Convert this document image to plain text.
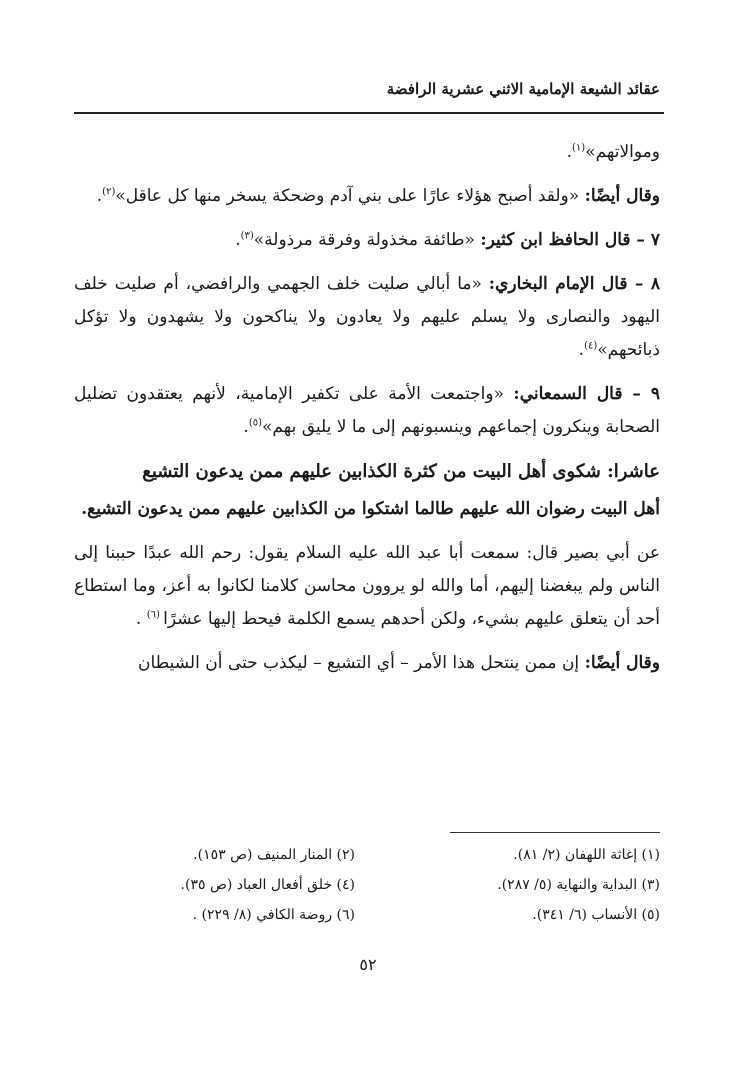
عقائد الشيعة الإمامية الاثني عشرية الرافضة

وموالاتهم»$^{(١)}$.

وقال أيضًا: «ولقد أصبح هؤلاء عارًا على بني آدم وضحكة يسخر منها كل عاقل»$^{(٢)}$.

٧ – قال الحافظ ابن كثير: «طائفة مخذولة وفرقة مرذولة»$^{(٣)}$.

٨ – قال الإمام البخاري: «ما أبالي صليت خلف الجهمي والرافضي، أم صليت خلف اليهود والنصارى ولا يسلم عليهم ولا يعادون ولا يناكحون ولا يشهدون ولا تؤكل ذبائحهم»$^{(٤)}$.

٩ – قال السمعاني: «واجتمعت الأمة على تكفير الإمامية، لأنهم يعتقدون تضليل الصحابة وينكرون إجماعهم وينسبونهم إلى ما لا يليق بهم»$^{(٥)}$.

عاشرا: شكوى أهل البيت من كثرة الكذابين عليهم ممن يدعون التشيع

أهل البيت رضوان الله عليهم طالما اشتكوا من الكذابين عليهم ممن يدعون التشيع.

عن أبي بصير قال: سمعت أبا عبد الله عليه السلام يقول: رحم الله عبدًا حببنا إلى الناس ولم يبغضنا إليهم، أما والله لو يروون محاسن كلامنا لكانوا به أعز، وما استطاع أحد أن يتعلق عليهم بشيء، ولكن أحدهم يسمع الكلمة فيحط إليها عشرًا $^{(٦)}$ .

وقال أيضًا: إن ممن ينتحل هذا الأمر – أي التشيع – ليكذب حتى أن الشيطان

(١) إغاثة اللهفان (٢/ ٨١).
(٢) المنار المنيف (ص ١٥٣).
(٣) البداية والنهاية (٥/ ٢٨٧).
(٤) خلق أفعال العباد (ص ٣٥).
(٥) الأنساب (٦/ ٣٤١).
(٦) روضة الكافي (٨/ ٢٢٩) .
٥٢
